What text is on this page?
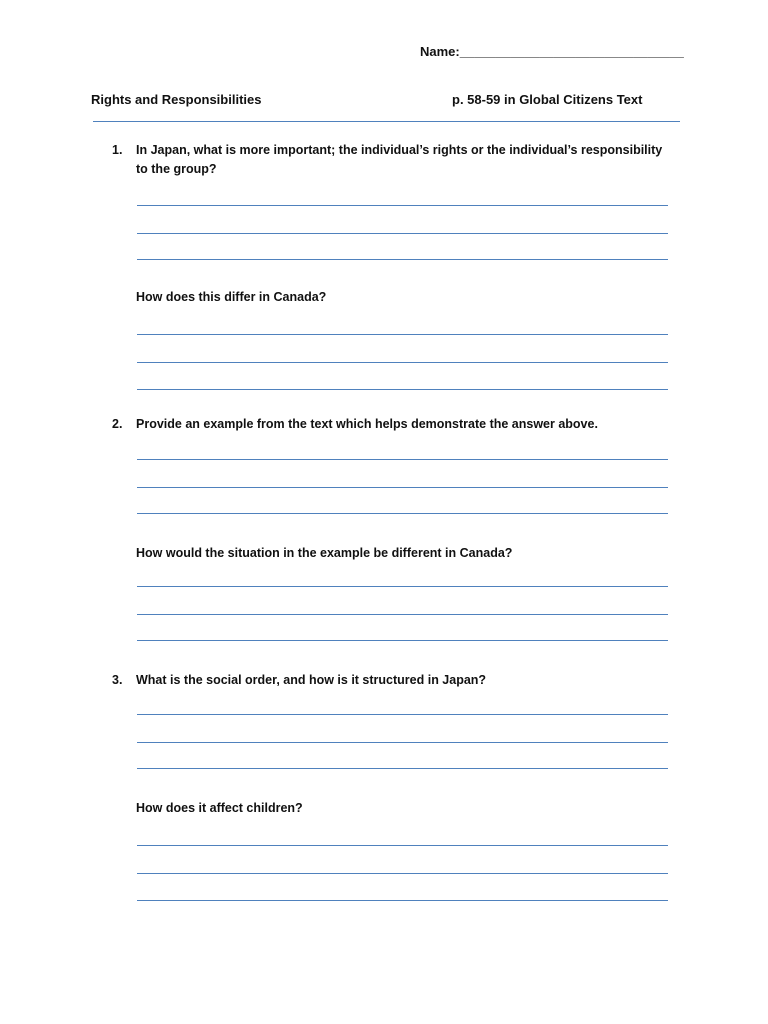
Name:_______________________________
Rights and Responsibilities	p. 58-59 in Global Citizens Text
1. In Japan, what is more important; the individual’s rights or the individual’s responsibility to the group?
How does this differ in Canada?
2. Provide an example from the text which helps demonstrate the answer above.
How would the situation in the example be different in Canada?
3. What is the social order, and how is it structured in Japan?
How does it affect children?
